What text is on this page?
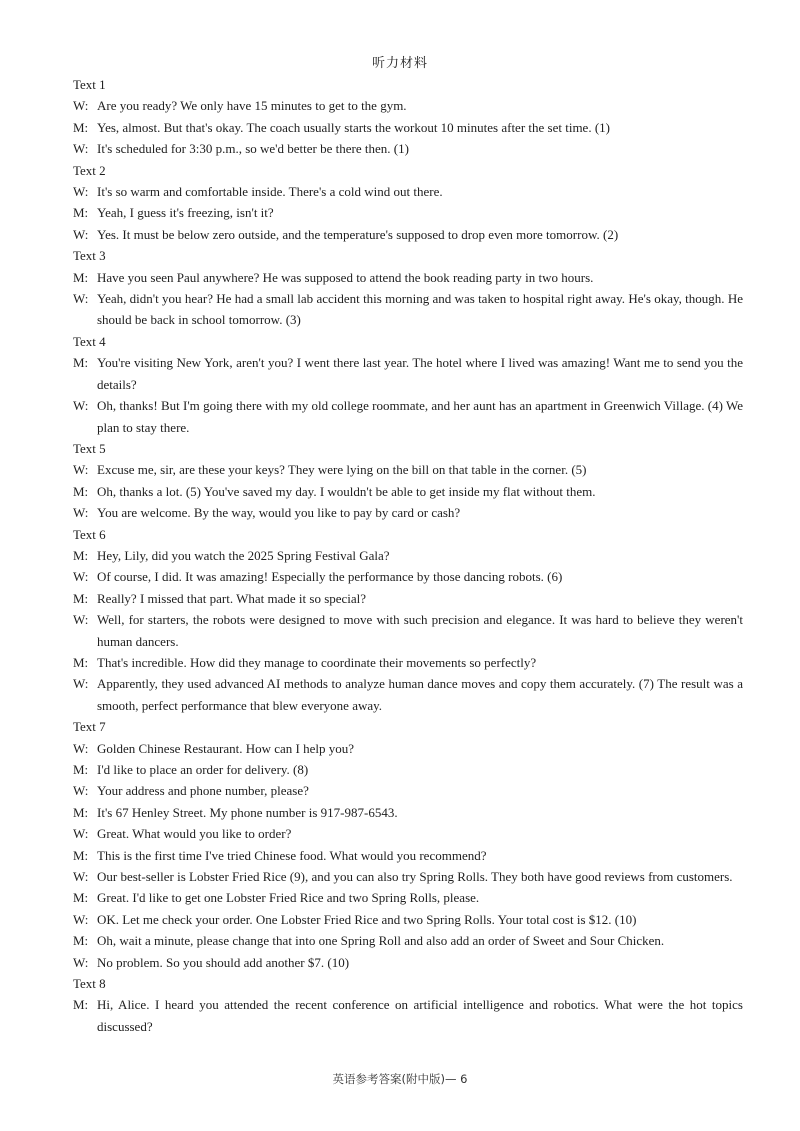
听力材料
Text 1
W: Are you ready? We only have 15 minutes to get to the gym.
M: Yes, almost. But that's okay. The coach usually starts the workout 10 minutes after the set time. (1)
W: It's scheduled for 3:30 p.m., so we'd better be there then. (1)
Text 2
W: It's so warm and comfortable inside. There's a cold wind out there.
M: Yeah, I guess it's freezing, isn't it?
W: Yes. It must be below zero outside, and the temperature's supposed to drop even more tomorrow. (2)
Text 3
M: Have you seen Paul anywhere? He was supposed to attend the book reading party in two hours.
W: Yeah, didn't you hear? He had a small lab accident this morning and was taken to hospital right away. He's okay, though. He should be back in school tomorrow. (3)
Text 4
M: You're visiting New York, aren't you? I went there last year. The hotel where I lived was amazing! Want me to send you the details?
W: Oh, thanks! But I'm going there with my old college roommate, and her aunt has an apartment in Greenwich Village. (4) We plan to stay there.
Text 5
W: Excuse me, sir, are these your keys? They were lying on the bill on that table in the corner. (5)
M: Oh, thanks a lot. (5) You've saved my day. I wouldn't be able to get inside my flat without them.
W: You are welcome. By the way, would you like to pay by card or cash?
Text 6
M: Hey, Lily, did you watch the 2025 Spring Festival Gala?
W: Of course, I did. It was amazing! Especially the performance by those dancing robots. (6)
M: Really? I missed that part. What made it so special?
W: Well, for starters, the robots were designed to move with such precision and elegance. It was hard to believe they weren't human dancers.
M: That's incredible. How did they manage to coordinate their movements so perfectly?
W: Apparently, they used advanced AI methods to analyze human dance moves and copy them accurately. (7) The result was a smooth, perfect performance that blew everyone away.
Text 7
W: Golden Chinese Restaurant. How can I help you?
M: I'd like to place an order for delivery. (8)
W: Your address and phone number, please?
M: It's 67 Henley Street. My phone number is 917-987-6543.
W: Great. What would you like to order?
M: This is the first time I've tried Chinese food. What would you recommend?
W: Our best-seller is Lobster Fried Rice (9), and you can also try Spring Rolls. They both have good reviews from customers.
M: Great. I'd like to get one Lobster Fried Rice and two Spring Rolls, please.
W: OK. Let me check your order. One Lobster Fried Rice and two Spring Rolls. Your total cost is $12. (10)
M: Oh, wait a minute, please change that into one Spring Roll and also add an order of Sweet and Sour Chicken.
W: No problem. So you should add another $7. (10)
Text 8
M: Hi, Alice. I heard you attended the recent conference on artificial intelligence and robotics. What were the hot topics discussed?
英语参考答案(附中版)— 6
